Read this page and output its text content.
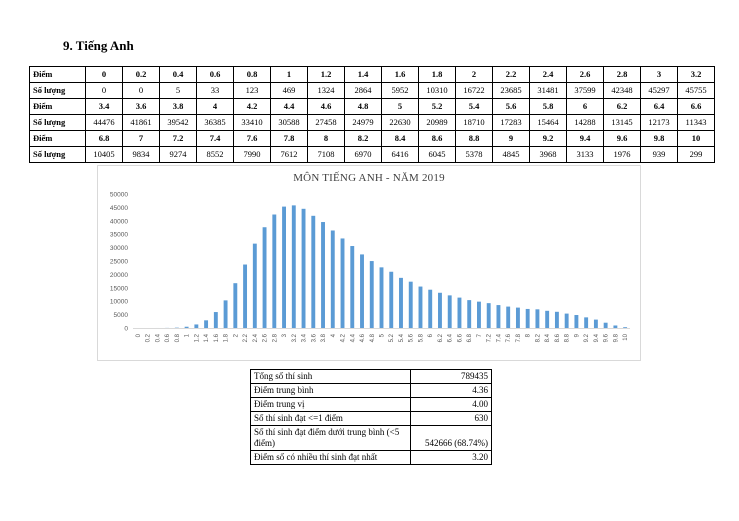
9. Tiếng Anh
Điểm	0	0.2	0.4	0.6	0.8	1	1.2	1.4	1.6	1.8	2	2.2	2.4	2.6	2.8	3	3.2
Số lượng	0	0	5	33	123	469	1324	2864	5952	10310	16722	23685	31481	37599	42348	45297	45755
Điểm	3.4	3.6	3.8	4	4.2	4.4	4.6	4.8	5	5.2	5.4	5.6	5.8	6	6.2	6.4	6.6
Số lượng	44476	41861	39542	36385	33410	30588	27458	24979	22630	20989	18710	17283	15464	14288	13145	12173	11343
Điểm	6.8	7	7.2	7.4	7.6	7.8	8	8.2	8.4	8.6	8.8	9	9.2	9.4	9.6	9.8	10
Số lượng	10405	9834	9274	8552	7990	7612	7108	6970	6416	6045	5378	4845	3968	3133	1976	939	299
MÔN TIẾNG ANH - NĂM 2019
0
5000
10000
15000
20000
25000
30000
35000
40000
45000
50000
0 0.2 0.4 0.6 0.8 1 1.2 1.4 1.6 1.8 2 2.2 2.4 2.6 2.8 3 3.2 3.4 3.6 3.8 4 4.2 4.4 4.6 4.8 5 5.2 5.4 5.6 5.8 6 6.2 6.4 6.6 6.8 7 7.2 7.4 7.6 7.8 8 8.2 8.4 8.6 8.8 9 9.2 9.4 9.6 9.8 10
Tổng số thí sinh	789435
Điểm trung bình	4.36
Điểm trung vị	4.00
Số thí sinh đạt <=1 điểm	630
Số thí sinh đạt điểm dưới trung bình (<5 điểm)	542666 (68.74%)
Điểm số có nhiều thí sinh đạt nhất	3.20
